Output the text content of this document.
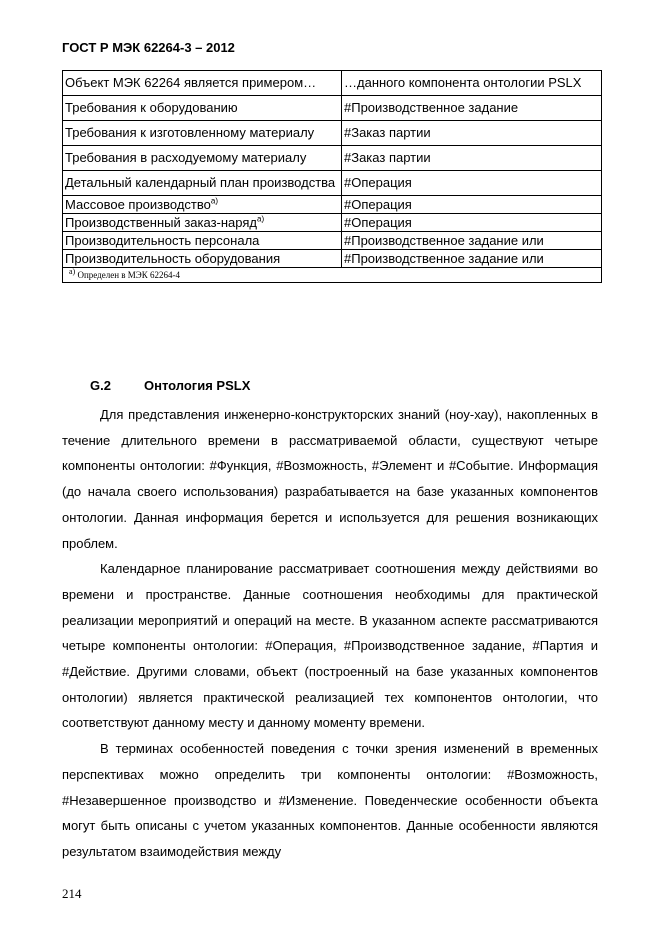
ГОСТ Р МЭК 62264-3 – 2012
Объект МЭК 62264 является примером…	…данного компонента онтологии PSLX
Требования к оборудованию	#Производственное задание
Требования к изготовленному материалу	#Заказ партии
Требования в расходуемому материалу	#Заказ партии
Детальный календарный план производства	#Операция
Массовое производство$^{a)}$	#Операция
Производственный заказ-наряд$^{a)}$	#Операция
Производительность персонала	#Производственное задание или
Производительность оборудования	#Производственное задание или
$^{a)}$ Определен в МЭК 62264-4	
G.2	Онтология PSLX

Для представления инженерно-конструкторских знаний (ноу-хау), накопленных в течение длительного времени в рассматриваемой области, существуют четыре компоненты онтологии: #Функция, #Возможность, #Элемент и #Событие. Информация (до начала своего использования) разрабатывается на базе указанных компонентов онтологии. Данная информация берется и используется для решения возникающих проблем.

Календарное планирование рассматривает соотношения между действиями во времени и пространстве. Данные соотношения необходимы для практической реализации мероприятий и операций на месте. В указанном аспекте рассматриваются четыре компоненты онтологии: #Операция, #Производственное задание, #Партия и #Действие. Другими словами, объект (построенный на базе указанных компонентов онтологии) является практической реализацией тех компонентов онтологии, что соответствуют данному месту и данному моменту времени.

В терминах особенностей поведения с точки зрения изменений в временных перспективах можно определить три компоненты онтологии: #Возможность, #Незавершенное производство и #Изменение. Поведенческие особенности объекта могут быть описаны с учетом указанных компонентов. Данные особенности являются результатом взаимодействия между

214
